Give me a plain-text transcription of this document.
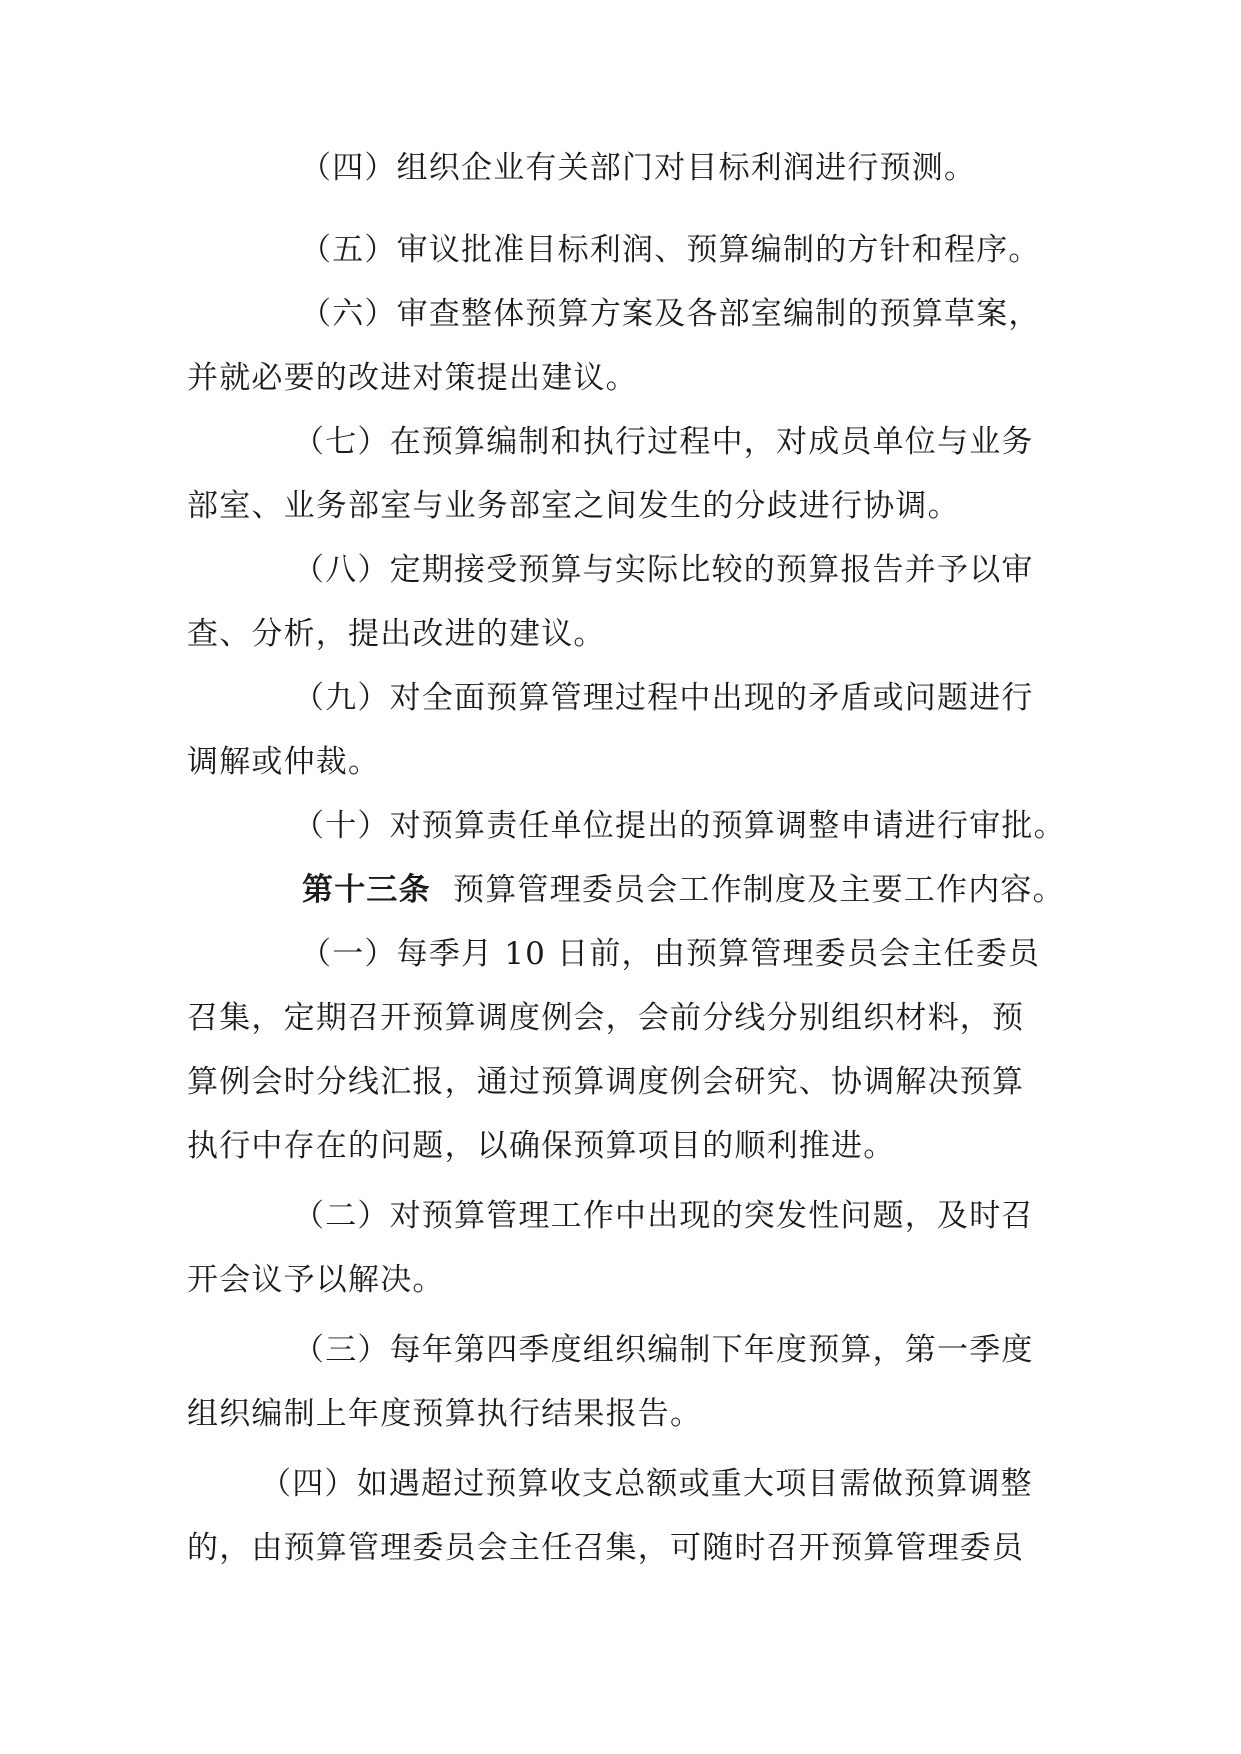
（四）组织企业有关部门对目标利润进行预测。
（五）审议批准目标利润、预算编制的方针和程序。
（六）审查整体预算方案及各部室编制的预算草案，
并就必要的改进对策提出建议。
（七）在预算编制和执行过程中，对成员单位与业务
部室、业务部室与业务部室之间发生的分歧进行协调。
（八）定期接受预算与实际比较的预算报告并予以审
查、分析，提出改进的建议。
（九）对全面预算管理过程中出现的矛盾或问题进行
调解或仲裁。
（十）对预算责任单位提出的预算调整申请进行审批。
第十三条 预算管理委员会工作制度及主要工作内容。
（一）每季月 10 日前，由预算管理委员会主任委员
召集，定期召开预算调度例会，会前分线分别组织材料，预
算例会时分线汇报，通过预算调度例会研究、协调解决预算
执行中存在的问题，以确保预算项目的顺利推进。
（二）对预算管理工作中出现的突发性问题，及时召
开会议予以解决。
（三）每年第四季度组织编制下年度预算，第一季度
组织编制上年度预算执行结果报告。
（四）如遇超过预算收支总额或重大项目需做预算调整
的，由预算管理委员会主任召集，可随时召开预算管理委员
